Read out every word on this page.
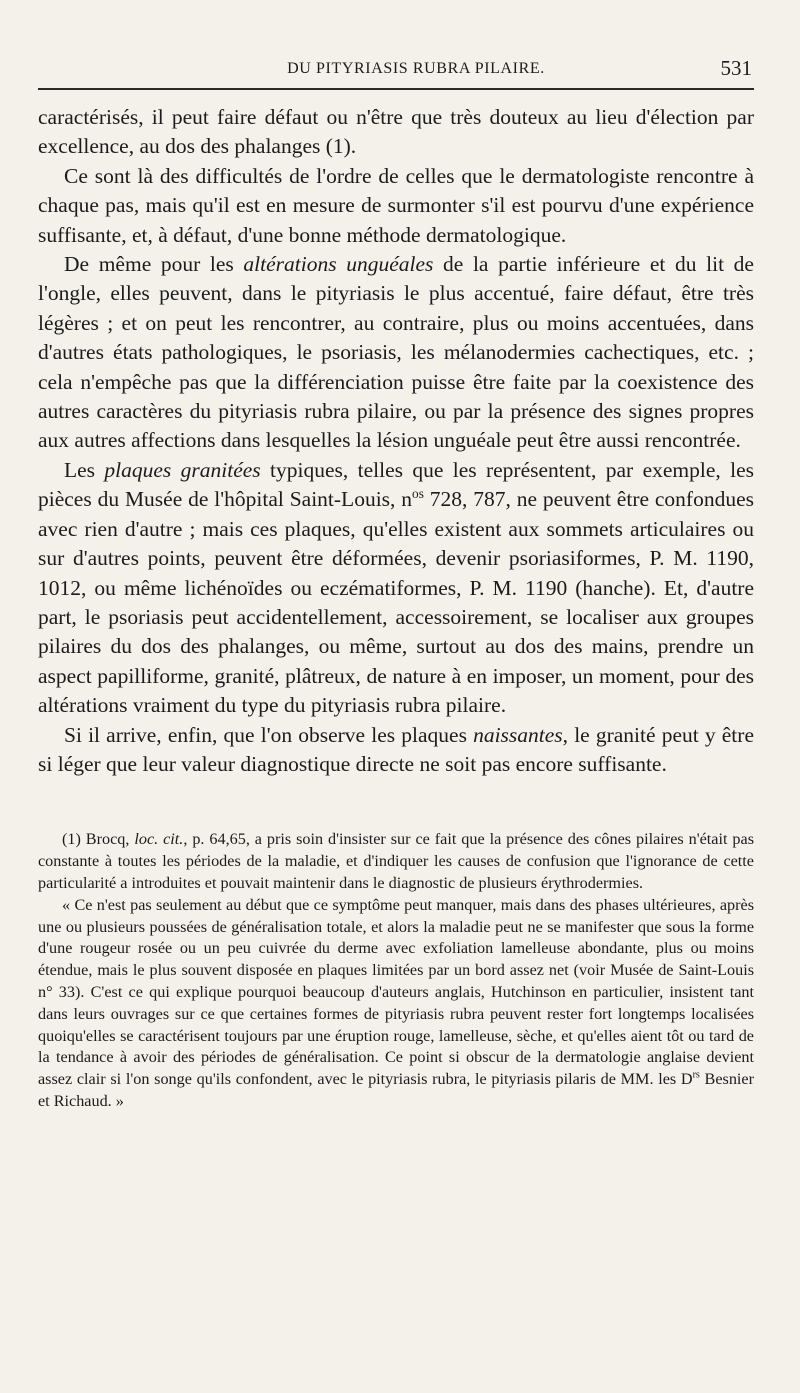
DU PITYRIASIS RUBRA PILAIRE.	531

caractérisés, il peut faire défaut ou n'être que très douteux au lieu d'élection par excellence, au dos des phalanges (1).

Ce sont là des difficultés de l'ordre de celles que le dermatologiste rencontre à chaque pas, mais qu'il est en mesure de surmonter s'il est pourvu d'une expérience suffisante, et, à défaut, d'une bonne méthode dermatologique.

De même pour les altérations unguéales de la partie inférieure et du lit de l'ongle, elles peuvent, dans le pityriasis le plus accentué, faire défaut, être très légères ; et on peut les rencontrer, au contraire, plus ou moins accentuées, dans d'autres états pathologiques, le psoriasis, les mélanodermies cachectiques, etc. ; cela n'empêche pas que la différenciation puisse être faite par la coexistence des autres caractères du pityriasis rubra pilaire, ou par la présence des signes propres aux autres affections dans lesquelles la lésion unguéale peut être aussi rencontrée.

Les plaques granitées typiques, telles que les représentent, par exemple, les pièces du Musée de l'hôpital Saint-Louis, $n^{os}$ 728, 787, ne peuvent être confondues avec rien d'autre ; mais ces plaques, qu'elles existent aux sommets articulaires ou sur d'autres points, peuvent être déformées, devenir psoriasiformes, P. M. 1190, 1012, ou même lichénoïdes ou eczématiformes, P. M. 1190 (hanche). Et, d'autre part, le psoriasis peut accidentellement, accessoirement, se localiser aux groupes pilaires du dos des phalanges, ou même, surtout au dos des mains, prendre un aspect papilliforme, granité, plâtreux, de nature à en imposer, un moment, pour des altérations vraiment du type du pityriasis rubra pilaire.

Si il arrive, enfin, que l'on observe les plaques naissantes, le granité peut y être si léger que leur valeur diagnostique directe ne soit pas encore suffisante.

(1) Brocq, loc. cit., p. 64,65, a pris soin d'insister sur ce fait que la présence des cônes pilaires n'était pas constante à toutes les périodes de la maladie, et d'indiquer les causes de confusion que l'ignorance de cette particularité a introduites et pouvait maintenir dans le diagnostic de plusieurs érythrodermies.

« Ce n'est pas seulement au début que ce symptôme peut manquer, mais dans des phases ultérieures, après une ou plusieurs poussées de généralisation totale, et alors la maladie peut ne se manifester que sous la forme d'une rougeur rosée ou un peu cuivrée du derme avec exfoliation lamelleuse abondante, plus ou moins étendue, mais le plus souvent disposée en plaques limitées par un bord assez net (voir Musée de Saint-Louis n° 33). C'est ce qui explique pourquoi beaucoup d'auteurs anglais, Hutchinson en particulier, insistent tant dans leurs ouvrages sur ce que certaines formes de pityriasis rubra peuvent rester fort longtemps localisées quoiqu'elles se caractérisent toujours par une éruption rouge, lamelleuse, sèche, et qu'elles aient tôt ou tard de la tendance à avoir des périodes de généralisation. Ce point si obscur de la dermatologie anglaise devient assez clair si l'on songe qu'ils confondent, avec le pityriasis rubra, le pityriasis pilaris de MM. les $D^{rs}$ Besnier et Richaud. »
